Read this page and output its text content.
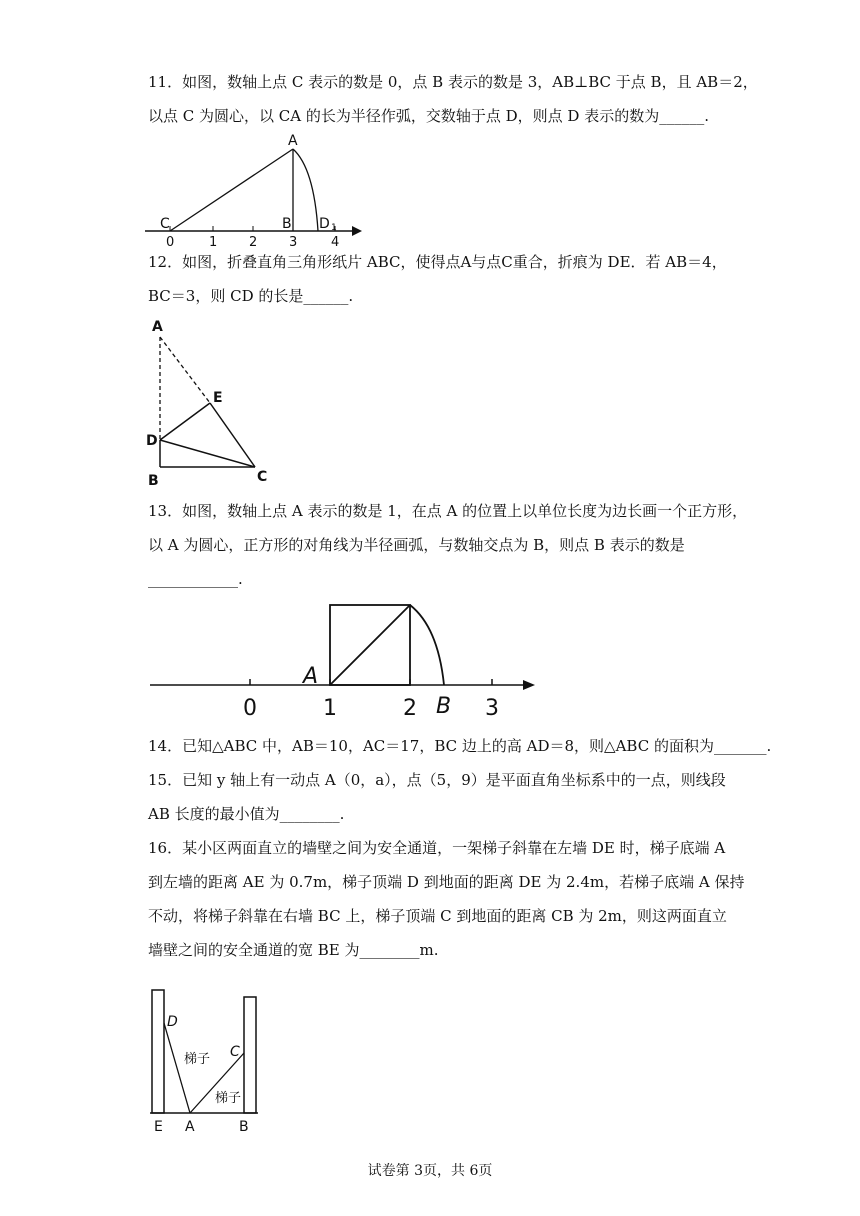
11．如图，数轴上点 C 表示的数是 0，点 B 表示的数是 3，AB⊥BC 于点 B，且 AB＝2，
以点 C 为圆心，以 CA 的长为半径作弧，交数轴于点 D，则点 D 表示的数为______.
A
C	B D 1
0	1 2 3	4
12．如图，折叠直角三角形纸片 ABC，使得点A与点C重合，折痕为 DE．若 AB＝4，
BC＝3，则 CD 的长是______.
A
E
D
B	C
13．如图，数轴上点 A 表示的数是 1，在点 A 的位置上以单位长度为边长画一个正方形，
以 A 为圆心，正方形的对角线为半径画弧，与数轴交点为 B，则点 B 表示的数是
____________.
A
B
0	1	2	3
14．已知△ABC 中，AB＝10，AC＝17，BC 边上的高 AD＝8，则△ABC 的面积为_______.
15．已知 y 轴上有一动点 A（0，a），点（5，9）是平面直角坐标系中的一点，则线段
AB 长度的最小值为________.
16．某小区两面直立的墙壁之间为安全通道，一架梯子斜靠在左墙 DE 时，梯子底端 A
到左墙的距离 AE 为 0.7m，梯子顶端 D 到地面的距离 DE 为 2.4m，若梯子底端 A 保持
不动，将梯子斜靠在右墙 BC 上，梯子顶端 C 到地面的距离 CB 为 2m，则这两面直立
墙壁之间的安全通道的宽 BE 为________m.
D
C
梯子
梯子
E A	B
试卷第 3页，共 6页
